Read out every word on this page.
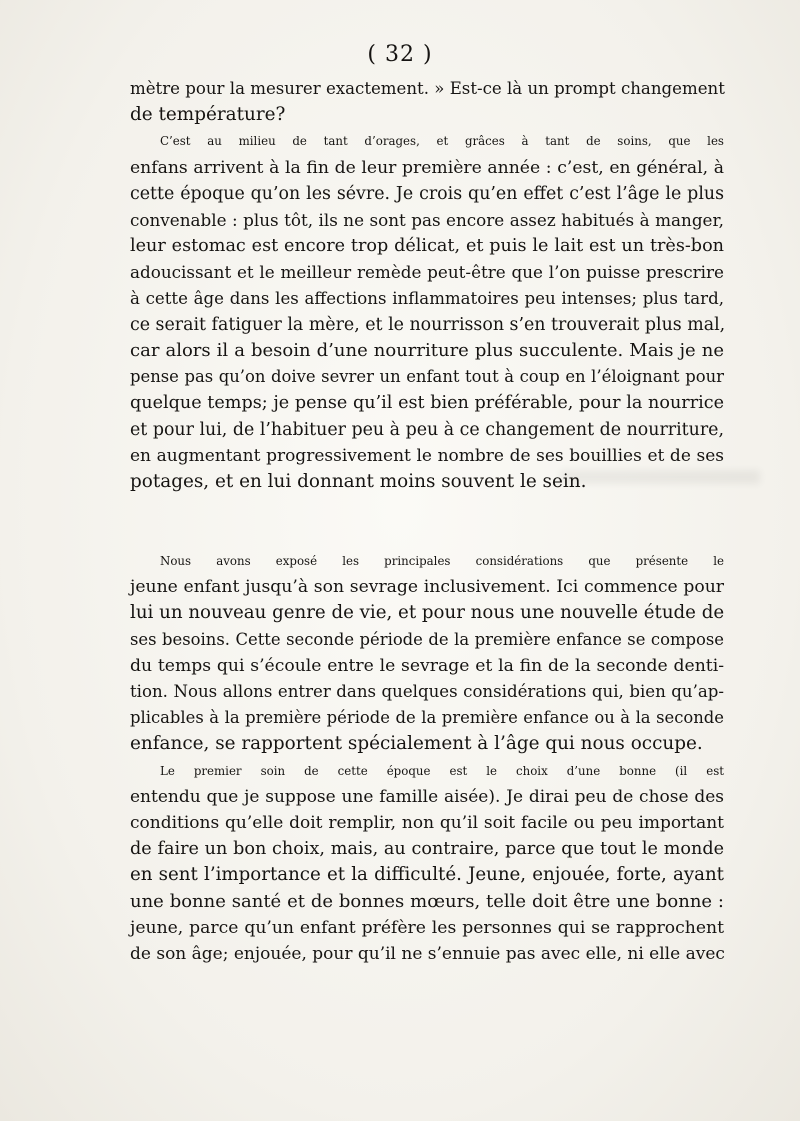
( 32 )
mètre pour la mesurer exactement. » Est-ce là un prompt changement
de température?
C’est au milieu de tant d’orages, et grâces à tant de soins, que les
enfans arrivent à la fin de leur première année : c’est, en général, à
cette époque qu’on les sévre. Je crois qu’en effet c’est l’âge le plus
convenable : plus tôt, ils ne sont pas encore assez habitués à manger,
leur estomac est encore trop délicat, et puis le lait est un très-bon
adoucissant et le meilleur remède peut-être que l’on puisse prescrire
à cette âge dans les affections inflammatoires peu intenses; plus tard,
ce serait fatiguer la mère, et le nourrisson s’en trouverait plus mal,
car alors il a besoin d’une nourriture plus succulente. Mais je ne
pense pas qu’on doive sevrer un enfant tout à coup en l’éloignant pour
quelque temps; je pense qu’il est bien préférable, pour la nourrice
et pour lui, de l’habituer peu à peu à ce changement de nourriture,
en augmentant progressivement le nombre de ses bouillies et de ses
potages, et en lui donnant moins souvent le sein.
Nous avons exposé les principales considérations que présente le
jeune enfant jusqu’à son sevrage inclusivement. Ici commence pour
lui un nouveau genre de vie, et pour nous une nouvelle étude de
ses besoins. Cette seconde période de la première enfance se compose
du temps qui s’écoule entre le sevrage et la fin de la seconde denti-
tion. Nous allons entrer dans quelques considérations qui, bien qu’ap-
plicables à la première période de la première enfance ou à la seconde
enfance, se rapportent spécialement à l’âge qui nous occupe.
Le premier soin de cette époque est le choix d’une bonne (il est
entendu que je suppose une famille aisée). Je dirai peu de chose des
conditions qu’elle doit remplir, non qu’il soit facile ou peu important
de faire un bon choix, mais, au contraire, parce que tout le monde
en sent l’importance et la difficulté. Jeune, enjouée, forte, ayant
une bonne santé et de bonnes mœurs, telle doit être une bonne :
jeune, parce qu’un enfant préfère les personnes qui se rapprochent
de son âge; enjouée, pour qu’il ne s’ennuie pas avec elle, ni elle avec
